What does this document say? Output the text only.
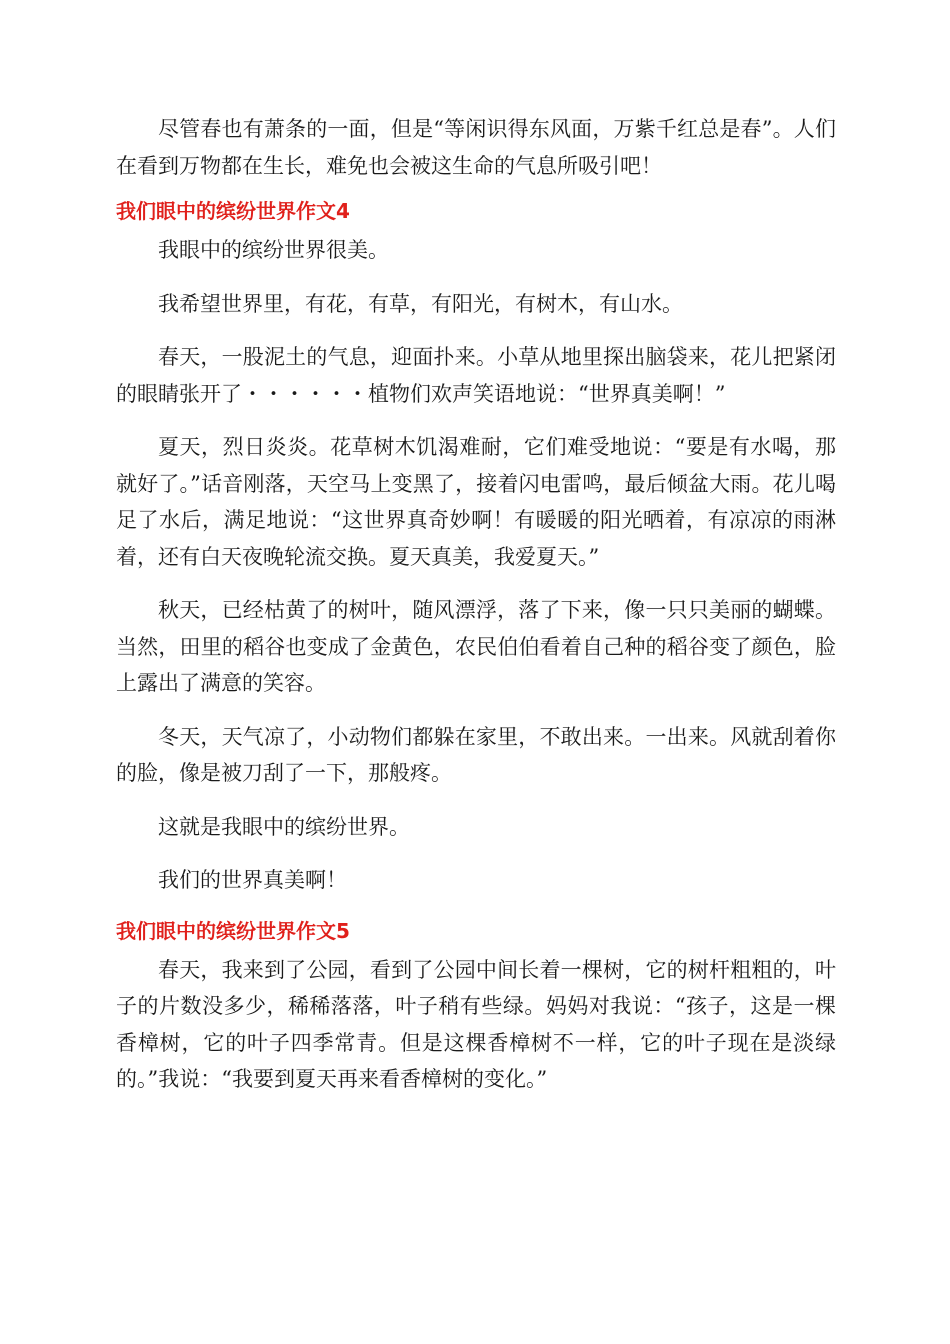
尽管春也有萧条的一面，但是“等闲识得东风面，万紫千红总是春”。人们在看到万物都在生长，难免也会被这生命的气息所吸引吧！

我们眼中的缤纷世界作文4

我眼中的缤纷世界很美。

我希望世界里，有花，有草，有阳光，有树木，有山水。

春天，一股泥土的气息，迎面扑来。小草从地里探出脑袋来，花儿把紧闭的眼睛张开了・・・・・・植物们欢声笑语地说：“世界真美啊！”

夏天，烈日炎炎。花草树木饥渴难耐，它们难受地说：“要是有水喝，那就好了。”话音刚落，天空马上变黑了，接着闪电雷鸣，最后倾盆大雨。花儿喝足了水后，满足地说：“这世界真奇妙啊！有暖暖的阳光晒着，有凉凉的雨淋着，还有白天夜晚轮流交换。夏天真美，我爱夏天。”

秋天，已经枯黄了的树叶，随风漂浮，落了下来，像一只只美丽的蝴蝶。当然，田里的稻谷也变成了金黄色，农民伯伯看着自己种的稻谷变了颜色，脸上露出了满意的笑容。

冬天，天气凉了，小动物们都躲在家里，不敢出来。一出来。风就刮着你的脸，像是被刀刮了一下，那般疼。

这就是我眼中的缤纷世界。

我们的世界真美啊！

我们眼中的缤纷世界作文5

春天，我来到了公园，看到了公园中间长着一棵树，它的树杆粗粗的，叶子的片数没多少，稀稀落落，叶子稍有些绿。妈妈对我说：“孩子，这是一棵香樟树，它的叶子四季常青。但是这棵香樟树不一样，它的叶子现在是淡绿的。”我说：“我要到夏天再来看香樟树的变化。”
